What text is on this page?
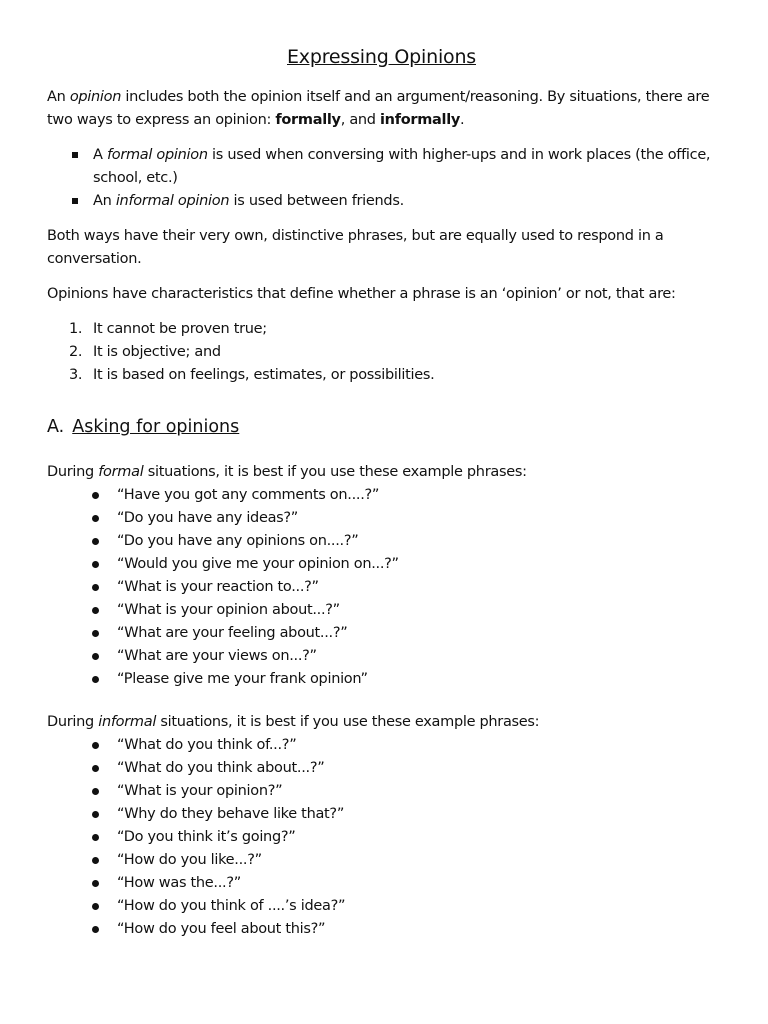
Expressing Opinions

An opinion includes both the opinion itself and an argument/reasoning. By situations, there are two ways to express an opinion: formally, and informally.

A formal opinion is used when conversing with higher-ups and in work places (the office, school, etc.)
An informal opinion is used between friends.

Both ways have their very own, distinctive phrases, but are equally used to respond in a conversation.

Opinions have characteristics that define whether a phrase is an ‘opinion’ or not, that are:

1. It cannot be proven true;
2. It is objective; and
3. It is based on feelings, estimates, or possibilities.
A. Asking for opinions

During formal situations, it is best if you use these example phrases:

“Have you got any comments on....?”
“Do you have any ideas?”
“Do you have any opinions on....?”
“Would you give me your opinion on...?”
“What is your reaction to...?”
“What is your opinion about...?”
“What are your feeling about...?”
“What are your views on...?”
“Please give me your frank opinion”

During informal situations, it is best if you use these example phrases:

“What do you think of...?”
“What do you think about...?”
“What is your opinion?”
“Why do they behave like that?”
“Do you think it’s going?”
“How do you like...?”
“How was the...?”
“How do you think of ....’s idea?”
“How do you feel about this?”
